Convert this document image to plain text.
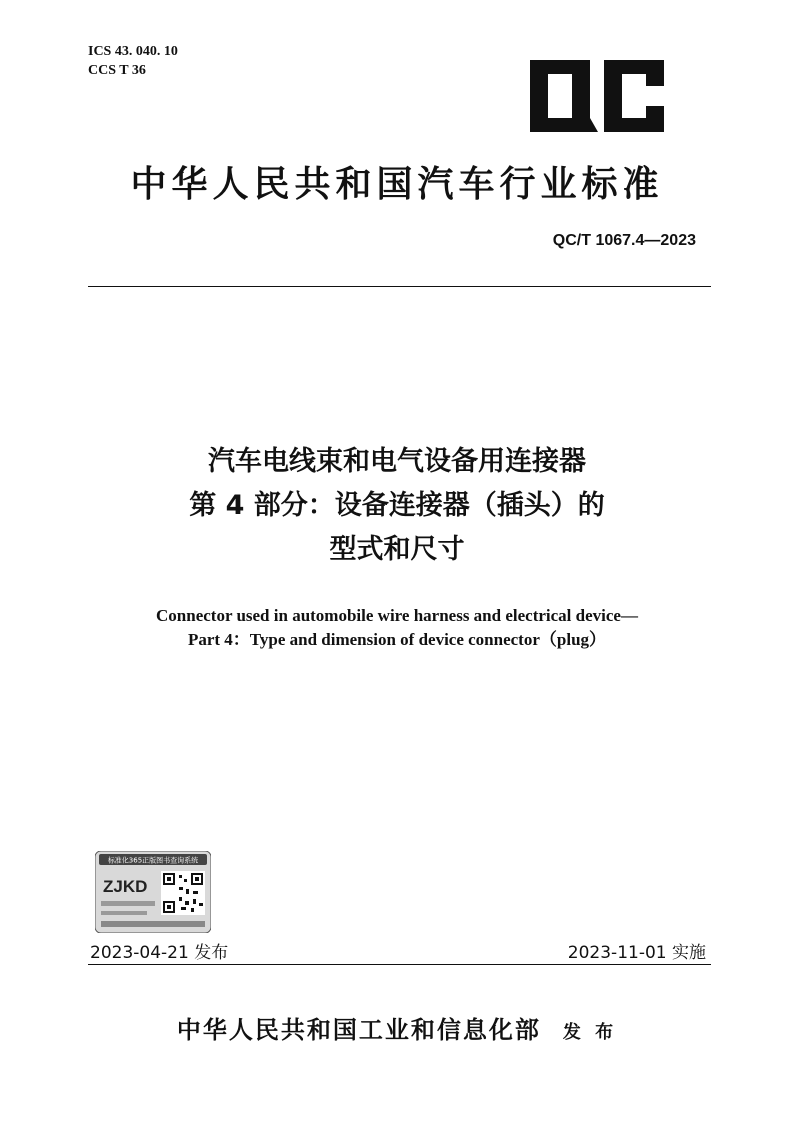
ICS 43. 040. 10
CCS T 36
中华人民共和国汽车行业标准
QC/T 1067.4—2023
汽车电线束和电气设备用连接器
第 4 部分：设备连接器（插头）的
型式和尺寸
Connector used in automobile wire harness and electrical device—
Part 4：Type and dimension of device connector（plug）
标准化365正版图书查询系统
ZJKD
2023-04-21 发布	2023-11-01 实施
中华人民共和国工业和信息化部 发 布
